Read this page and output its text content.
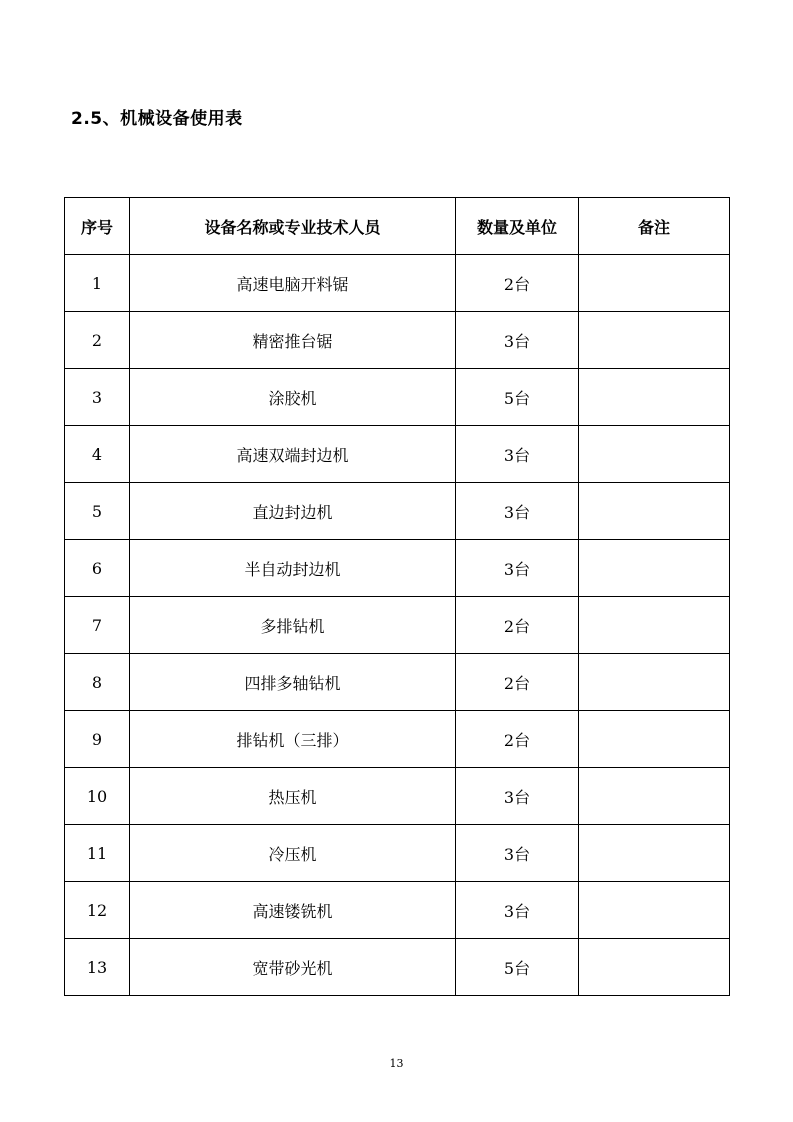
2.5、机械设备使用表
序号	设备名称或专业技术人员	数量及单位	备注
1	高速电脑开料锯	2台	
2	精密推台锯	3台	
3	涂胶机	5台	
4	高速双端封边机	3台	
5	直边封边机	3台	
6	半自动封边机	3台	
7	多排钻机	2台	
8	四排多轴钻机	2台	
9	排钻机（三排）	2台	
10	热压机	3台	
11	冷压机	3台	
12	高速镂铣机	3台	
13	宽带砂光机	5台	
13
